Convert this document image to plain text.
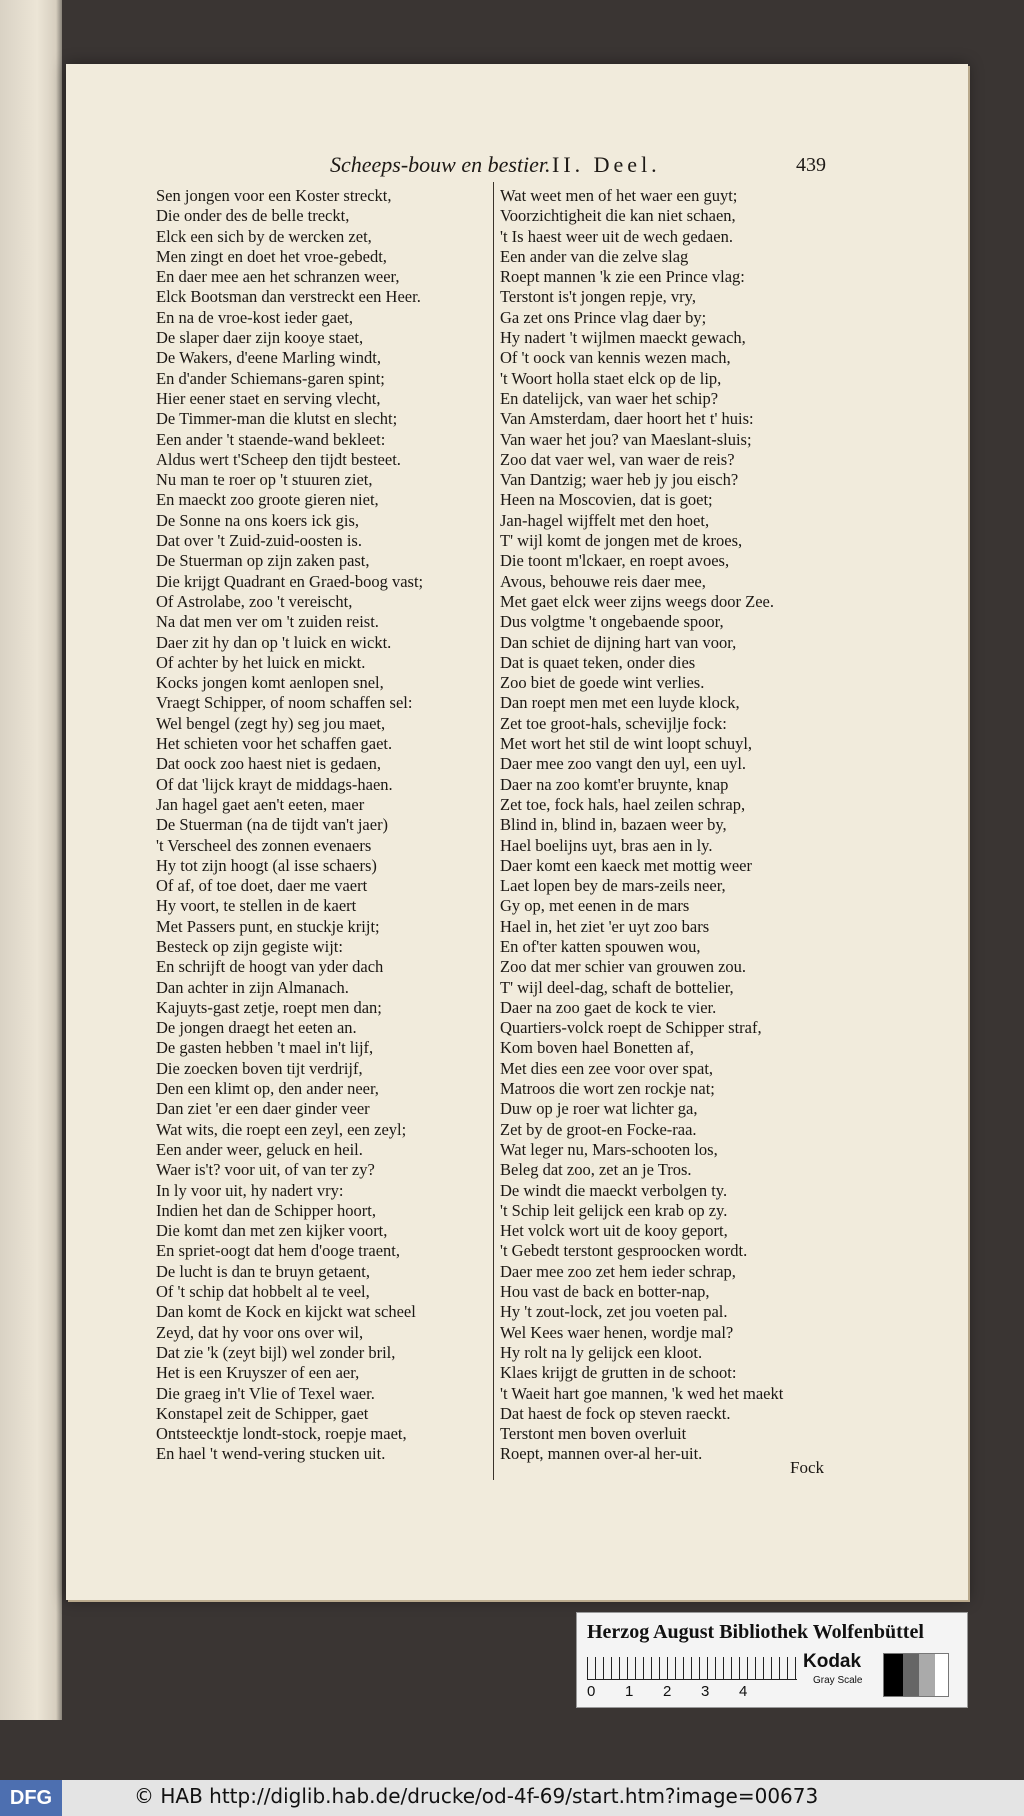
Scheeps-bouw en bestier. II. Deel.	439
Sen jongen voor een Koster streckt,
Die onder des de belle treckt,
Elck een sich by de wercken zet,
Men zingt en doet het vroe-gebedt,
En daer mee aen het schranzen weer,
Elck Bootsman dan verstreckt een Heer.
En na de vroe-kost ieder gaet,
De slaper daer zijn kooye staet,
De Wakers, d'eene Marling windt,
En d'ander Schiemans-garen spint;
Hier eener staet en serving vlecht,
De Timmer-man die klutst en slecht;
Een ander 't staende-wand bekleet:
Aldus wert t'Scheep den tijdt besteet.
Nu man te roer op 't stuuren ziet,
En maeckt zoo groote gieren niet,
De Sonne na ons koers ick gis,
Dat over 't Zuid-zuid-oosten is.
De Stuerman op zijn zaken past,
Die krijgt Quadrant en Graed-boog vast;
Of Astrolabe, zoo 't vereischt,
Na dat men ver om 't zuiden reist.
Daer zit hy dan op 't luick en wickt.
Of achter by het luick en mickt.
Kocks jongen komt aenlopen snel,
Vraegt Schipper, of noom schaffen sel:
Wel bengel (zegt hy) seg jou maet,
Het schieten voor het schaffen gaet.
Dat oock zoo haest niet is gedaen,
Of dat 'lijck krayt de middags-haen.
Jan hagel gaet aen't eeten, maer
De Stuerman (na de tijdt van't jaer)
't Verscheel des zonnen evenaers
Hy tot zijn hoogt (al isse schaers)
Of af, of toe doet, daer me vaert
Hy voort, te stellen in de kaert
Met Passers punt, en stuckje krijt;
Besteck op zijn gegiste wijt:
En schrijft de hoogt van yder dach
Dan achter in zijn Almanach.
Kajuyts-gast zetje, roept men dan;
De jongen draegt het eeten an.
De gasten hebben 't mael in't lijf,
Die zoecken boven tijt verdrijf,
Den een klimt op, den ander neer,
Dan ziet 'er een daer ginder veer
Wat wits, die roept een zeyl, een zeyl;
Een ander weer, geluck en heil.
Waer is't? voor uit, of van ter zy?
In ly voor uit, hy nadert vry:
Indien het dan de Schipper hoort,
Die komt dan met zen kijker voort,
En spriet-oogt dat hem d'ooge traent,
De lucht is dan te bruyn getaent,
Of 't schip dat hobbelt al te veel,
Dan komt de Kock en kijckt wat scheel
Zeyd, dat hy voor ons over wil,
Dat zie 'k (zeyt bijl) wel zonder bril,
Het is een Kruyszer of een aer,
Die graeg in't Vlie of Texel waer.
Konstapel zeit de Schipper, gaet
Ontsteecktje londt-stock, roepje maet,
En hael 't wend-vering stucken uit.
Wat weet men of het waer een guyt;
Voorzichtigheit die kan niet schaen,
't Is haest weer uit de wech gedaen.
Een ander van die zelve slag
Roept mannen 'k zie een Prince vlag:
Terstont is't jongen repje, vry,
Ga zet ons Prince vlag daer by;
Hy nadert 't wijlmen maeckt gewach,
Of 't oock van kennis wezen mach,
't Woort holla staet elck op de lip,
En datelijck, van waer het schip?
Van Amsterdam, daer hoort het t' huis:
Van waer het jou? van Maeslant-sluis;
Zoo dat vaer wel, van waer de reis?
Van Dantzig; waer heb jy jou eisch?
Heen na Moscovien, dat is goet;
Jan-hagel wijffelt met den hoet,
T' wijl komt de jongen met de kroes,
Die toont m'lckaer, en roept avoes,
Avous, behouwe reis daer mee,
Met gaet elck weer zijns weegs door Zee.
Dus volgtme 't ongebaende spoor,
Dan schiet de dijning hart van voor,
Dat is quaet teken, onder dies
Zoo biet de goede wint verlies.
Dan roept men met een luyde klock,
Zet toe groot-hals, schevijlje fock:
Met wort het stil de wint loopt schuyl,
Daer mee zoo vangt den uyl, een uyl.
Daer na zoo komt'er bruynte, knap
Zet toe, fock hals, hael zeilen schrap,
Blind in, blind in, bazaen weer by,
Hael boelijns uyt, bras aen in ly.
Daer komt een kaeck met mottig weer
Laet lopen bey de mars-zeils neer,
Gy op, met eenen in de mars
Hael in, het ziet 'er uyt zoo bars
En of'ter katten spouwen wou,
Zoo dat mer schier van grouwen zou.
T' wijl deel-dag, schaft de bottelier,
Daer na zoo gaet de kock te vier.
Quartiers-volck roept de Schipper straf,
Kom boven hael Bonetten af,
Met dies een zee voor over spat,
Matroos die wort zen rockje nat;
Duw op je roer wat lichter ga,
Zet by de groot-en Focke-raa.
Wat leger nu, Mars-schooten los,
Beleg dat zoo, zet an je Tros.
De windt die maeckt verbolgen ty.
't Schip leit gelijck een krab op zy.
Het volck wort uit de kooy geport,
't Gebedt terstont gesproocken wordt.
Daer mee zoo zet hem ieder schrap,
Hou vast de back en botter-nap,
Hy 't zout-lock, zet jou voeten pal.
Wel Kees waer henen, wordje mal?
Hy rolt na ly gelijck een kloot.
Klaes krijgt de grutten in de schoot:
't Waeit hart goe mannen, 'k wed het maekt
Dat haest de fock op steven raeckt.
Terstont men boven overluit
Roept, mannen over-al her-uit.
Fock
Herzog August Bibliothek Wolfenbüttel
0 1 2 3 4
Kodak
Gray Scale
DFG	© HAB http://diglib.hab.de/drucke/od-4f-69/start.htm?image=00673
